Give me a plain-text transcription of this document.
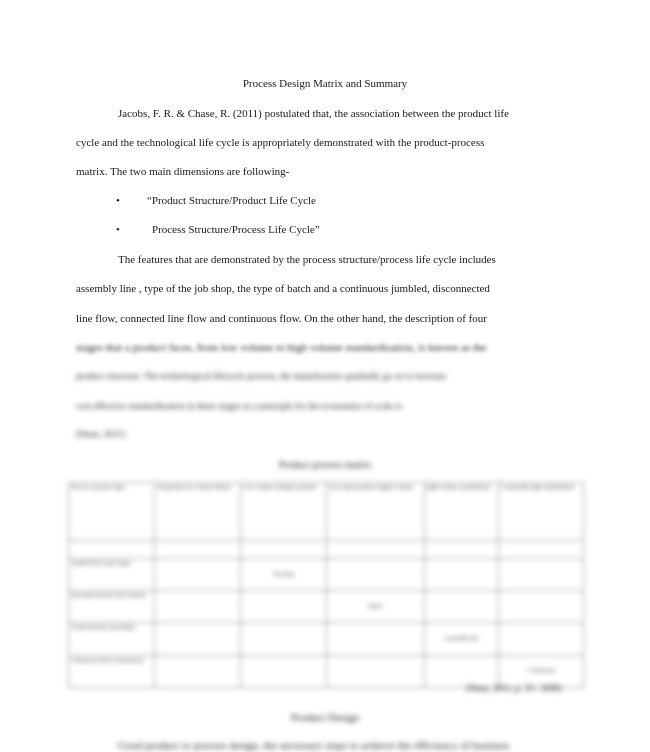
Process Design Matrix and Summary
Jacobs, F. R. & Chase, R. (2011) postulated that, the association between the product life
cycle and the technological life cycle is appropriately demonstrated with the product-process
matrix. The two main dimensions are following-
• “Product Structure/Product Life Cycle
•	Process Structure/Process Life Cycle”
The features that are demonstrated by the process structure/process life cycle includes
assembly line , type of the job shop, the type of batch and a continuous jumbled, disconnected
line flow, connected line flow and continuous flow. On the other hand, the description of four
stages that a product faces, from low volume to high volume standardization, is known as the
product structure. The technological lifecycle process, the manufacturer gradually go on to increase
cost effective standardization in these stages as a principle for the economies of scale to
(Nunz, 2011)
Product process matrix
Process structure Type	Frequently low volume Mixed	Low volume multiple products	Few major products higher volume	High volume standardized	Commodity high standardized

Jumbled flow (job shop)		Job shop			
Disconnected line flow (batch)			Batch		
Connected line (assembly)				Assembly line	
Continuous flow (continuous)					Continuous
(Nunz, 2011, p. 19 - 2006)
Product Design
Good product or process design, the necessary steps to achieve the efficiency of business
